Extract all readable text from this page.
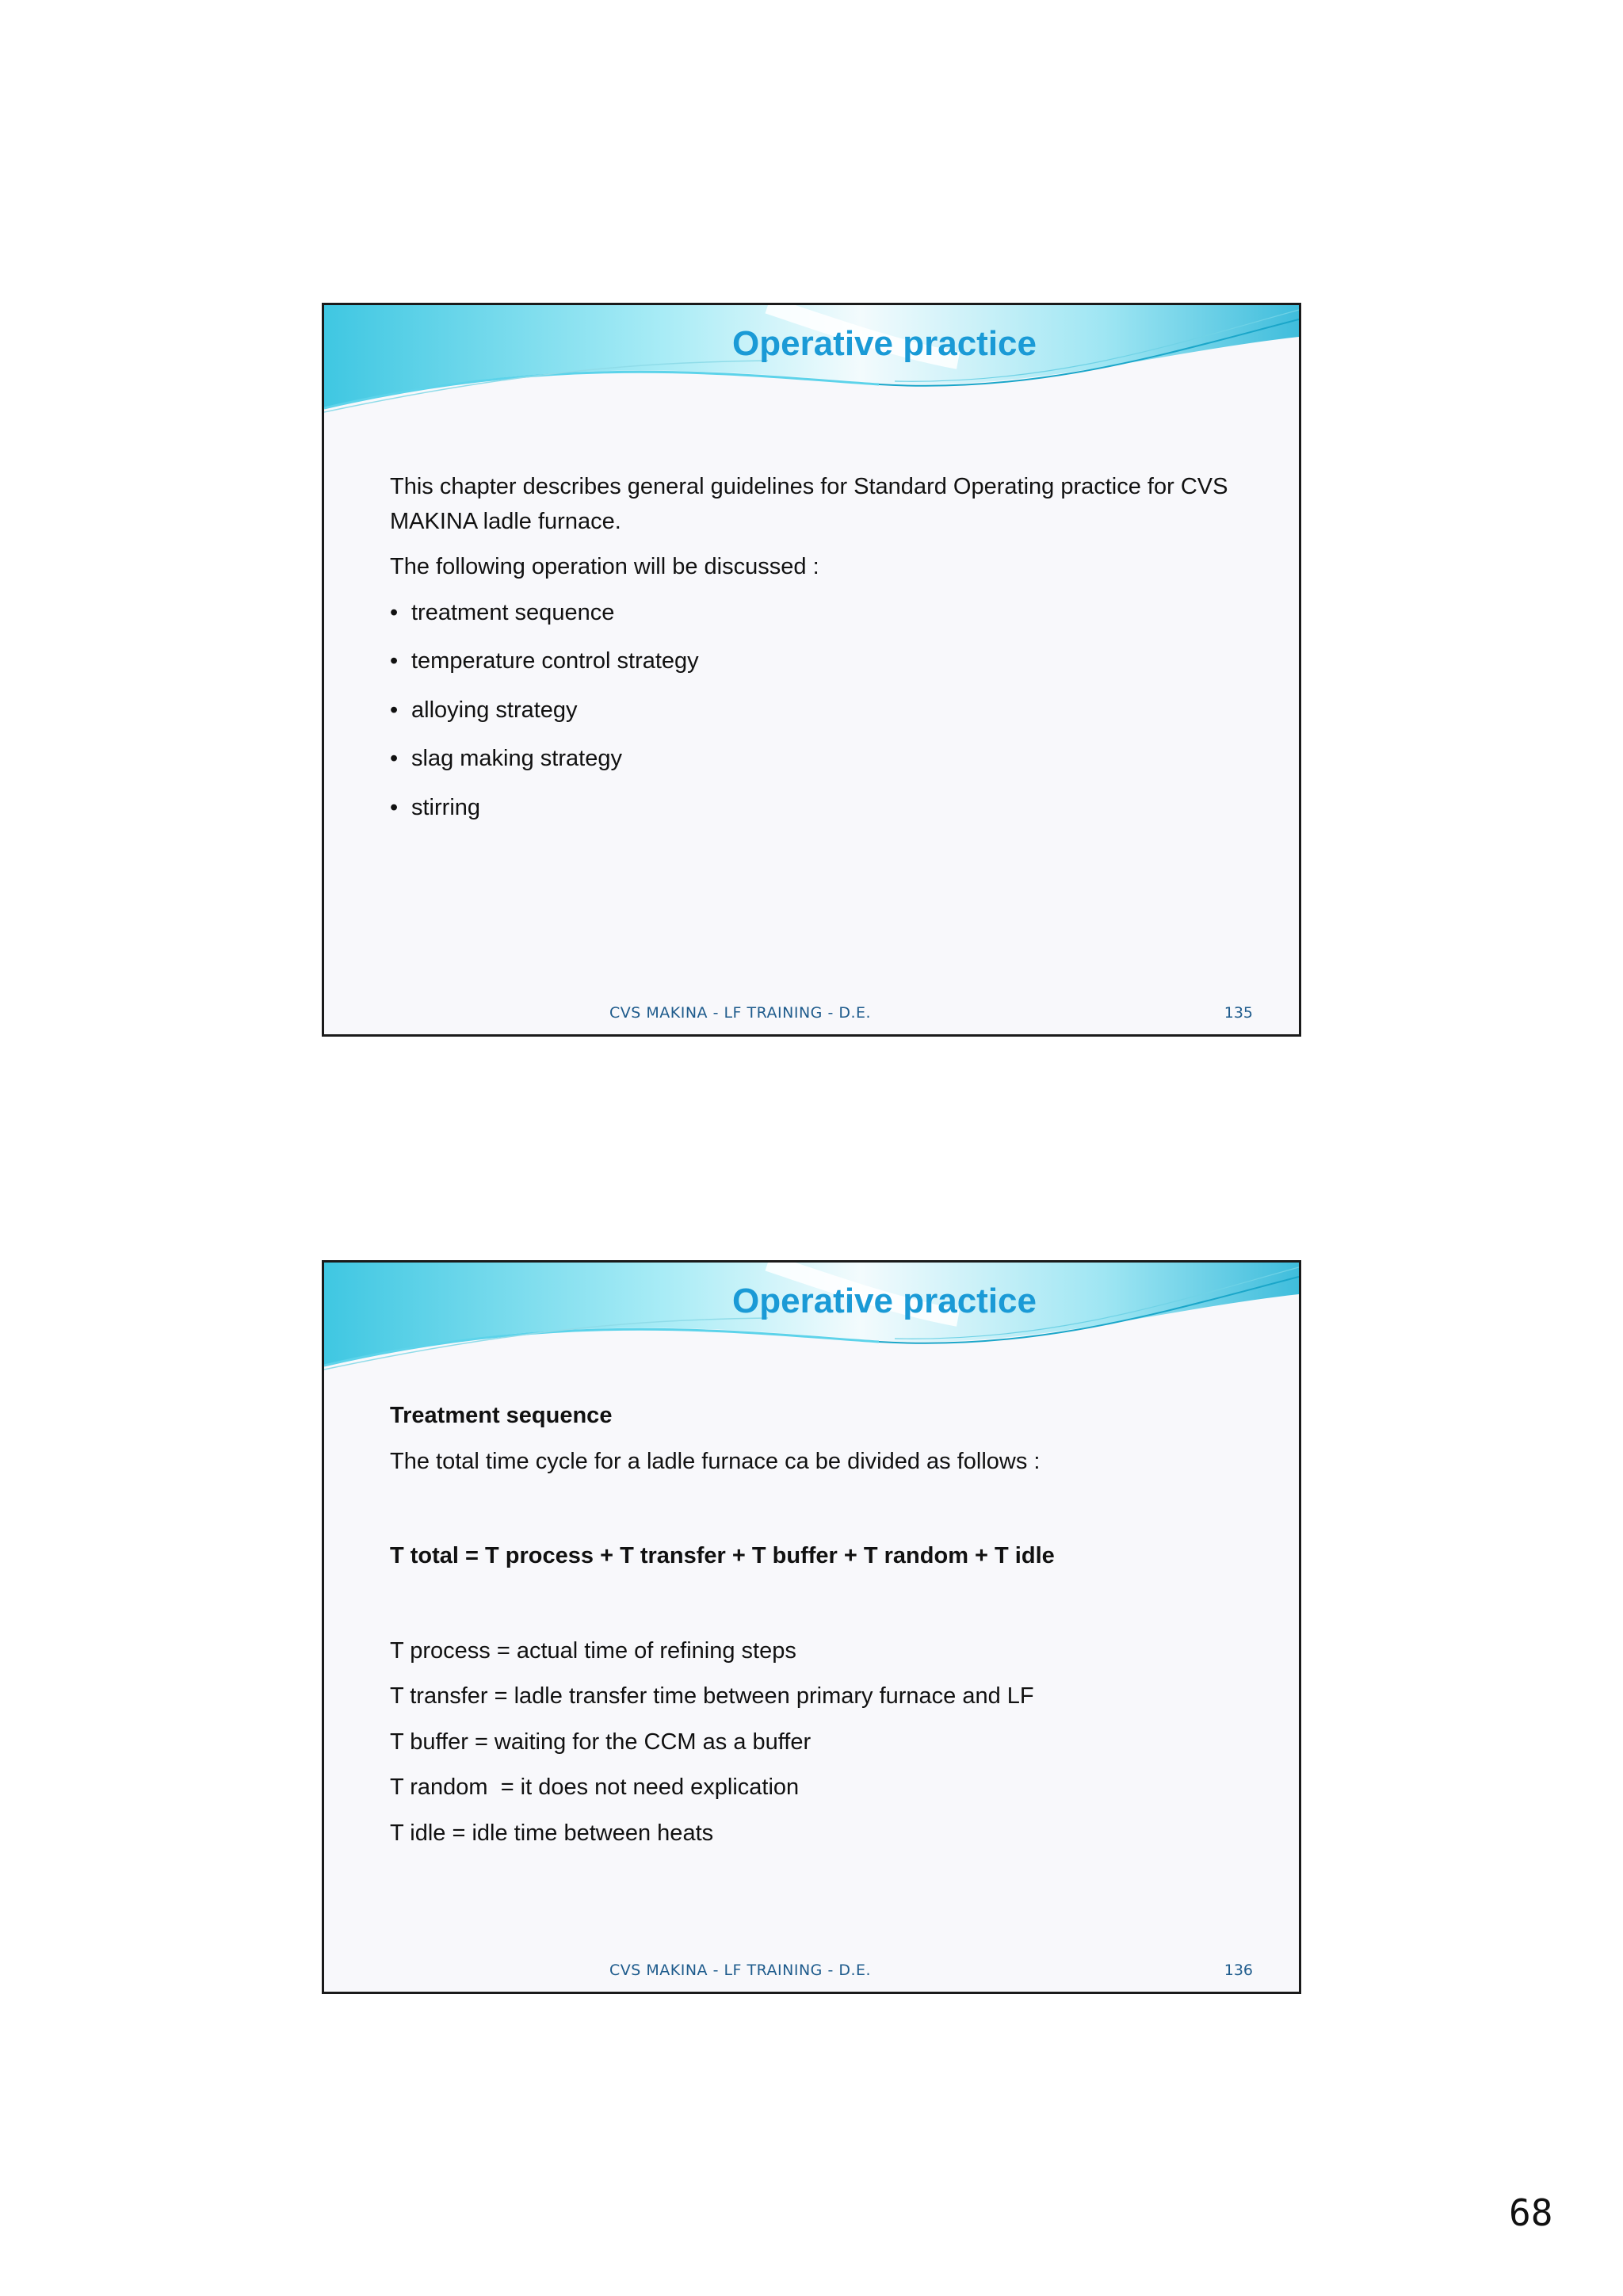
Operative practice

This chapter describes general guidelines for Standard Operating practice for CVS MAKINA ladle furnace.

The following operation will be discussed :

• treatment sequence
• temperature control strategy
• alloying strategy
• slag making strategy
• stirring
CVS MAKINA - LF TRAINING - D.E.	135
Operative practice

Treatment sequence

The total time cycle for a ladle furnace ca be divided as follows :

T total = T process + T transfer + T buffer + T random + T idle

T process = actual time of refining steps

T transfer = ladle transfer time between primary furnace and LF

T buffer = waiting for the CCM as a buffer

T random  = it does not need explication

T idle = idle time between heats

CVS MAKINA - LF TRAINING - D.E.	136
68
